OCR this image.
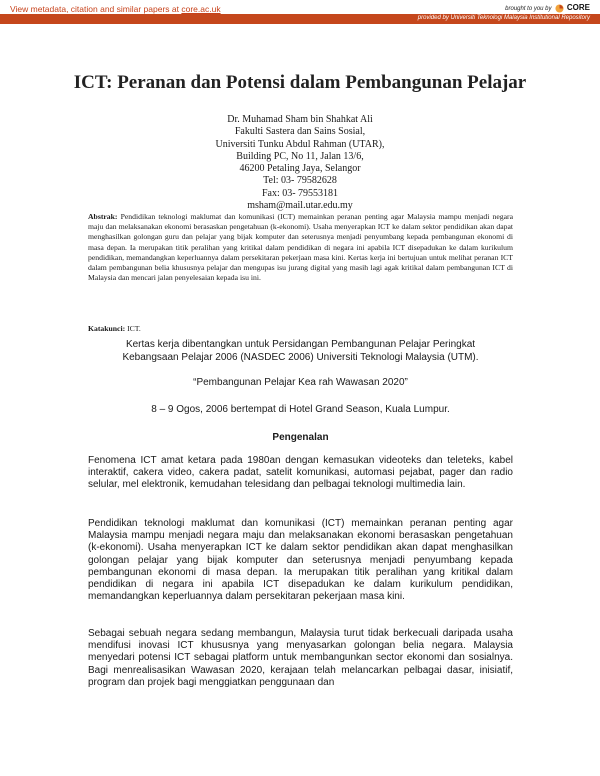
View metadata, citation and similar papers at core.ac.uk	brought to you by CORE
provided by Universiti Teknologi Malaysia Institutional Repository
ICT: Peranan dan Potensi dalam Pembangunan Pelajar
Dr. Muhamad Sham bin Shahkat Ali
Fakulti Sastera dan Sains Sosial,
Universiti Tunku Abdul Rahman (UTAR),
Building PC, No 11, Jalan 13/6,
46200 Petaling Jaya, Selangor
Tel: 03- 79582628
Fax: 03- 79553181
msham@mail.utar.edu.my
Abstrak: Pendidikan teknologi maklumat dan komunikasi (ICT) memainkan peranan penting agar Malaysia mampu menjadi negara maju dan melaksanakan ekonomi berasaskan pengetahuan (k-ekonomi). Usaha menyerapkan ICT ke dalam sektor pendidikan akan dapat menghasilkan golongan guru dan pelajar yang bijak komputer dan seterusnya menjadi penyumbang kepada pembangunan ekonomi di masa depan. Ia merupakan titik peralihan yang kritikal dalam pendidikan di negara ini apabila ICT disepadukan ke dalam kurikulum pendidikan, memandangkan keperluannya dalam persekitaran pekerjaan masa kini. Kertas kerja ini bertujuan untuk melihat peranan ICT dalam pembangunan belia khususnya pelajar dan mengupas isu jurang digital yang masih lagi agak kritikal dalam pembangunan ICT di Malaysia dan mencari jalan penyelesaian kepada isu ini.
Katakunci: ICT.
Kertas kerja dibentangkan untuk Persidangan Pembangunan Pelajar Peringkat
Kebangsaan Pelajar 2006 (NASDEC 2006) Universiti Teknologi Malaysia (UTM).
“Pembangunan Pelajar Kea rah Wawasan 2020”
8 – 9 Ogos, 2006 bertempat di Hotel Grand Season, Kuala Lumpur.
Pengenalan
Fenomena ICT amat ketara pada 1980an dengan kemasukan videoteks dan teleteks, kabel interaktif, cakera video, cakera padat, satelit komunikasi, automasi pejabat, pager dan radio selular, mel elektronik, kemudahan telesidang dan pelbagai teknologi multimedia lain.
Pendidikan teknologi maklumat dan komunikasi (ICT) memainkan peranan penting agar Malaysia mampu menjadi negara maju dan melaksanakan ekonomi berasaskan pengetahuan (k-ekonomi). Usaha menyerapkan ICT ke dalam sektor pendidikan akan dapat menghasilkan golongan pelajar yang bijak komputer dan seterusnya menjadi penyumbang kepada pembangunan ekonomi di masa depan. Ia merupakan titik peralihan yang kritikal dalam pendidikan di negara ini apabila ICT disepadukan ke dalam kurikulum pendidikan, memandangkan keperluannya dalam persekitaran pekerjaan masa kini.
Sebagai sebuah negara sedang membangun, Malaysia turut tidak berkecuali daripada usaha mendifusi inovasi ICT khususnya yang menyasarkan golongan belia negara. Malaysia menyedari potensi ICT sebagai platform untuk membangunkan sector ekonomi dan sosialnya. Bagi menrealisasikan Wawasan 2020, kerajaan telah melancarkan pelbagai dasar, inisiatif, program dan projek bagi menggiatkan penggunaan dan
